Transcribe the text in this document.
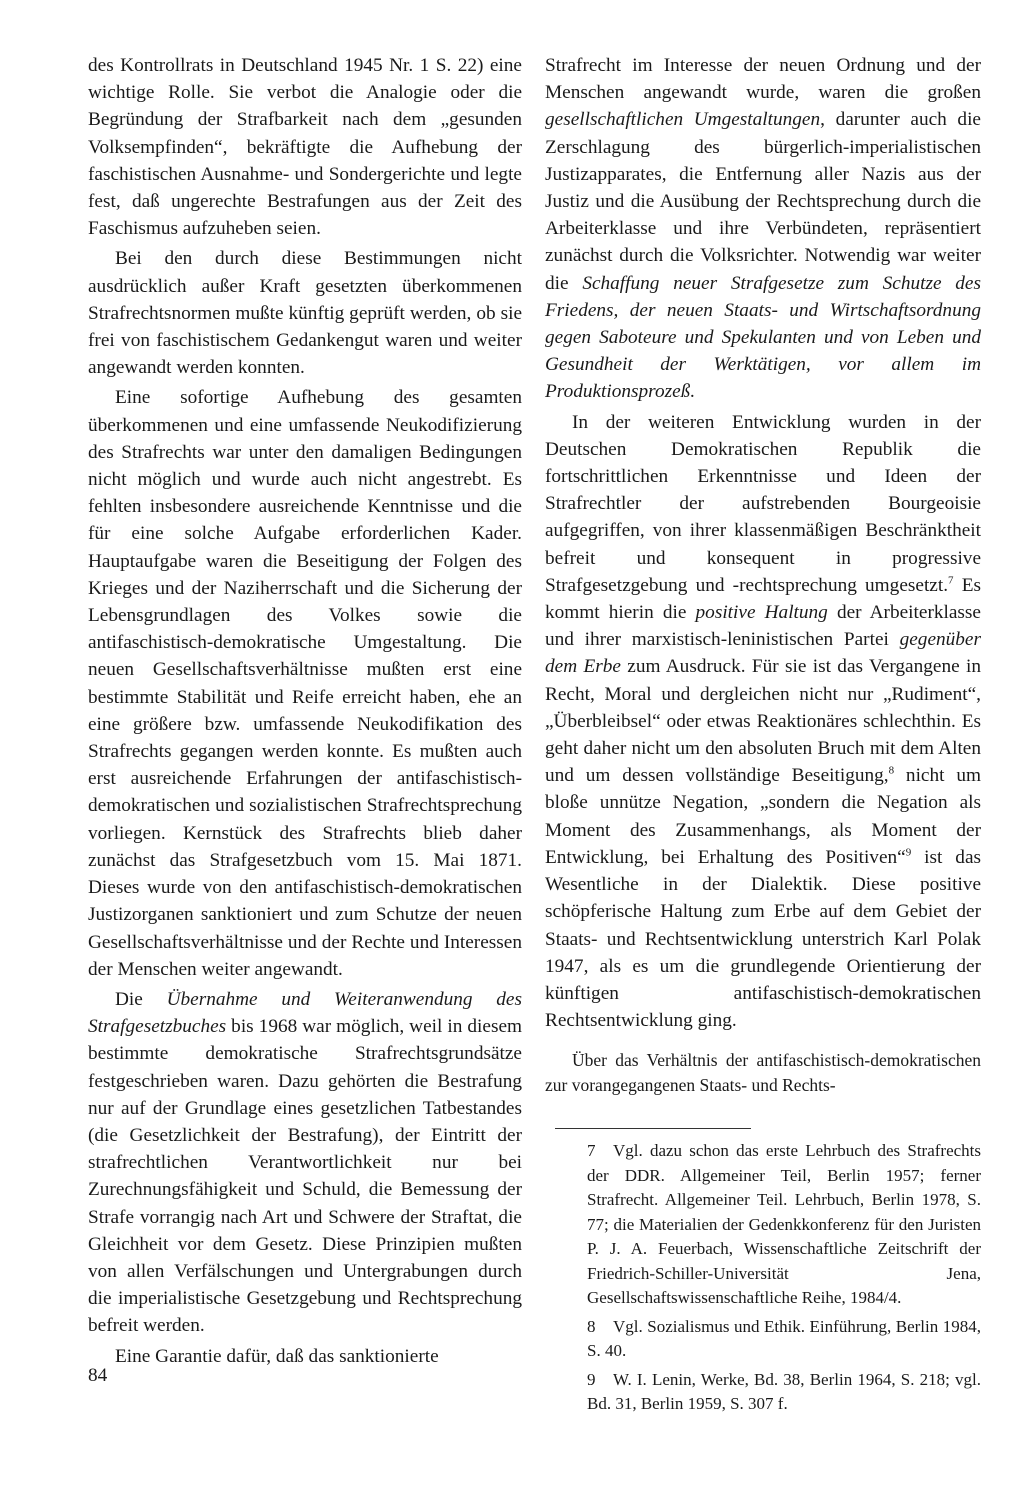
des Kontrollrats in Deutschland 1945 Nr. 1 S. 22) eine wichtige Rolle. Sie verbot die Analogie oder die Begründung der Strafbarkeit nach dem „gesunden Volksempfinden“, bekräftigte die Aufhebung der faschistischen Ausnahme- und Sondergerichte und legte fest, daß ungerechte Bestrafungen aus der Zeit des Faschismus aufzuheben seien.

Bei den durch diese Bestimmungen nicht ausdrücklich außer Kraft gesetzten überkommenen Strafrechtsnormen mußte künftig geprüft werden, ob sie frei von faschistischem Gedankengut waren und weiter angewandt werden konnten.

Eine sofortige Aufhebung des gesamten überkommenen und eine umfassende Neukodifizierung des Strafrechts war unter den damaligen Bedingungen nicht möglich und wurde auch nicht angestrebt. Es fehlten insbesondere ausreichende Kenntnisse und die für eine solche Aufgabe erforderlichen Kader. Hauptaufgabe waren die Beseitigung der Folgen des Krieges und der Naziherrschaft und die Sicherung der Lebensgrundlagen des Volkes sowie die antifaschistisch-demokratische Umgestaltung. Die neuen Gesellschaftsverhältnisse mußten erst eine bestimmte Stabilität und Reife erreicht haben, ehe an eine größere bzw. umfassende Neukodifikation des Strafrechts gegangen werden konnte. Es mußten auch erst ausreichende Erfahrungen der antifaschistisch-demokratischen und sozialistischen Strafrechtsprechung vorliegen. Kernstück des Strafrechts blieb daher zunächst das Strafgesetzbuch vom 15. Mai 1871. Dieses wurde von den antifaschistisch-demokratischen Justizorganen sanktioniert und zum Schutze der neuen Gesellschaftsverhältnisse und der Rechte und Interessen der Menschen weiter angewandt.

Die Übernahme und Weiteranwendung des Strafgesetzbuches bis 1968 war möglich, weil in diesem bestimmte demokratische Strafrechtsgrundsätze festgeschrieben waren. Dazu gehörten die Bestrafung nur auf der Grundlage eines gesetzlichen Tatbestandes (die Gesetzlichkeit der Bestrafung), der Eintritt der strafrechtlichen Verantwortlichkeit nur bei Zurechnungsfähigkeit und Schuld, die Bemessung der Strafe vorrangig nach Art und Schwere der Straftat, die Gleichheit vor dem Gesetz. Diese Prinzipien mußten von allen Verfälschungen und Untergrabungen durch die imperialistische Gesetzgebung und Rechtsprechung befreit werden.

Eine Garantie dafür, daß das sanktionierte

Strafrecht im Interesse der neuen Ordnung und der Menschen angewandt wurde, waren die großen gesellschaftlichen Umgestaltungen, darunter auch die Zerschlagung des bürgerlich-imperialistischen Justizapparates, die Entfernung aller Nazis aus der Justiz und die Ausübung der Rechtsprechung durch die Arbeiterklasse und ihre Verbündeten, repräsentiert zunächst durch die Volksrichter. Notwendig war weiter die Schaffung neuer Strafgesetze zum Schutze des Friedens, der neuen Staats- und Wirtschaftsordnung gegen Saboteure und Spekulanten und von Leben und Gesundheit der Werktätigen, vor allem im Produktionsprozeß.

In der weiteren Entwicklung wurden in der Deutschen Demokratischen Republik die fortschrittlichen Erkenntnisse und Ideen der Strafrechtler der aufstrebenden Bourgeoisie aufgegriffen, von ihrer klassenmäßigen Beschränktheit befreit und konsequent in progressive Strafgesetzgebung und -rechtsprechung umgesetzt.$^7$ Es kommt hierin die positive Haltung der Arbeiterklasse und ihrer marxistisch-leninistischen Partei gegenüber dem Erbe zum Ausdruck. Für sie ist das Vergangene in Recht, Moral und dergleichen nicht nur „Rudiment“, „Überbleibsel“ oder etwas Reaktionäres schlechthin. Es geht daher nicht um den absoluten Bruch mit dem Alten und um dessen vollständige Beseitigung,$^8$ nicht um bloße unnütze Negation, „sondern die Negation als Moment des Zusammenhangs, als Moment der Entwicklung, bei Erhaltung des Positiven“$^9$ ist das Wesentliche in der Dialektik. Diese positive schöpferische Haltung zum Erbe auf dem Gebiet der Staats- und Rechtsentwicklung unterstrich Karl Polak 1947, als es um die grundlegende Orientierung der künftigen antifaschistisch-demokratischen Rechtsentwicklung ging.

Über das Verhältnis der antifaschistisch-demokratischen zur vorangegangenen Staats- und Rechts-

7 Vgl. dazu schon das erste Lehrbuch des Strafrechts der DDR. Allgemeiner Teil, Berlin 1957; ferner Strafrecht. Allgemeiner Teil. Lehrbuch, Berlin 1978, S. 77; die Materialien der Gedenkkonferenz für den Juristen P. J. A. Feuerbach, Wissenschaftliche Zeitschrift der Friedrich-Schiller-Universität Jena, Gesellschaftswissenschaftliche Reihe, 1984/4.

8 Vgl. Sozialismus und Ethik. Einführung, Berlin 1984, S. 40.

9 W. I. Lenin, Werke, Bd. 38, Berlin 1964, S. 218; vgl. Bd. 31, Berlin 1959, S. 307 f.

84
